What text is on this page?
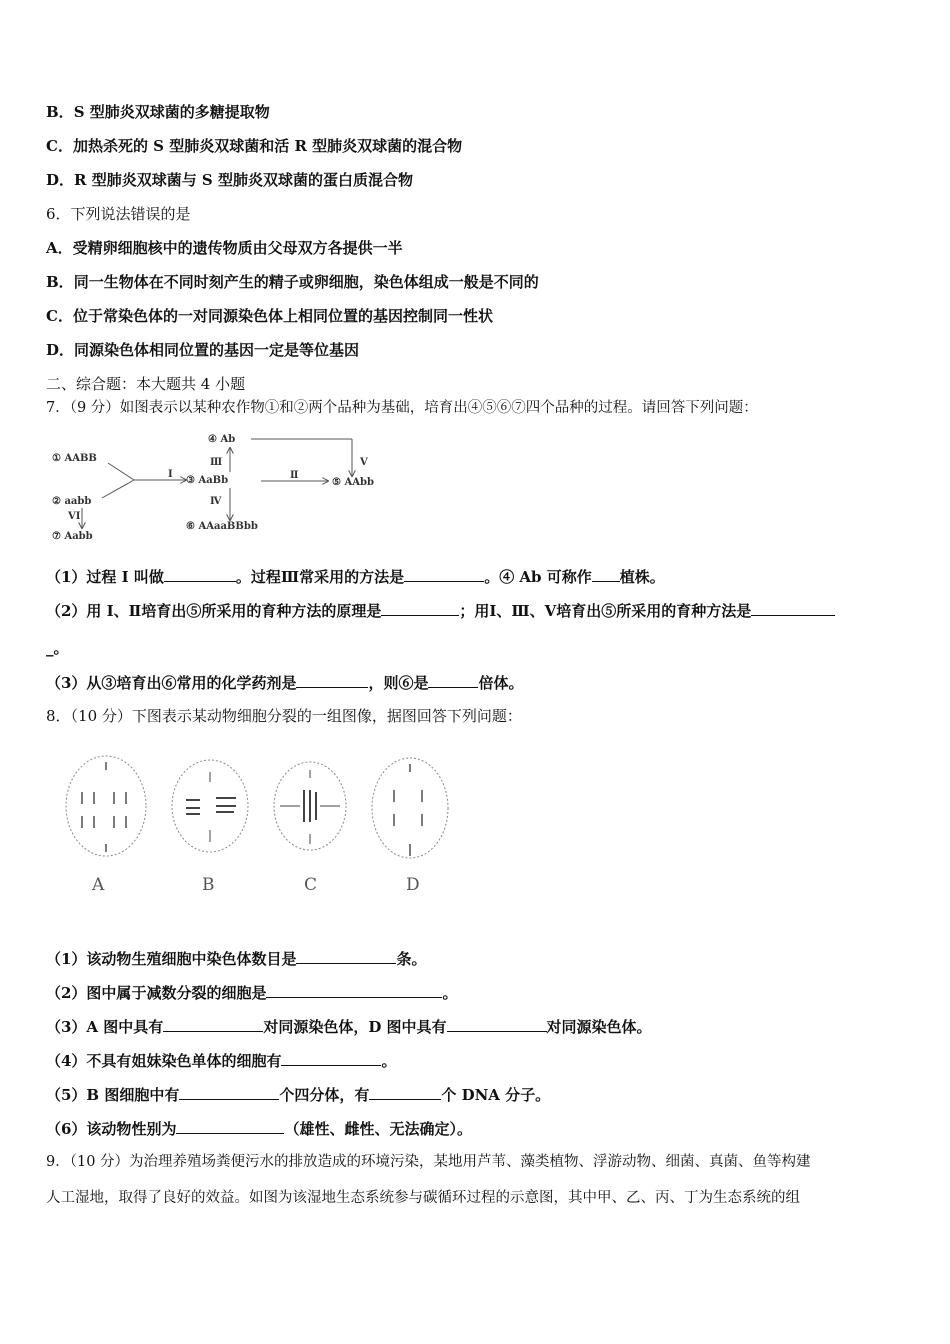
B．S 型肺炎双球菌的多糖提取物
C．加热杀死的 S 型肺炎双球菌和活 R 型肺炎双球菌的混合物
D．R 型肺炎双球菌与 S 型肺炎双球菌的蛋白质混合物
6．下列说法错误的是
A．受精卵细胞核中的遗传物质由父母双方各提供一半
B．同一生物体在不同时刻产生的精子或卵细胞，染色体组成一般是不同的
C．位于常染色体的一对同源染色体上相同位置的基因控制同一性状
D．同源染色体相同位置的基因一定是等位基因
二、综合题：本大题共 4 小题
7．（9 分）如图表示以某种农作物①和②两个品种为基础，培育出④⑤⑥⑦四个品种的过程。请回答下列问题：
① AABB
② aabb
③ AaBb
④ Ab
⑤ AAbb
⑥ AAaaBBbb
⑦ Aabb
I	Ⅱ
Ⅲ
Ⅳ
V
VI
（1）过程 I 叫做	。过程Ⅲ常采用的方法是	。④ Ab 可称作 植株。
（2）用 I、Ⅱ培育出⑤所采用的育种方法的原理是	；用Ⅰ、Ⅲ、Ⅴ培育出⑤所采用的育种方法是
_。
（3）从③培育出⑥常用的化学药剂是	，则⑥是	倍体。
8．（10 分）下图表示某动物细胞分裂的一组图像，据图回答下列问题：
A	B	C	D
（1）该动物生殖细胞中染色体数目是	条。
（2）图中属于减数分裂的细胞是	。
（3）A 图中具有	对同源染色体，D 图中具有	对同源染色体。
（4）不具有姐妹染色单体的细胞有	。
（5）B 图细胞中有	个四分体，有	个 DNA 分子。
（6）该动物性别为	（雄性、雌性、无法确定）。
9．（10 分）为治理养殖场粪便污水的排放造成的环境污染，某地用芦苇、藻类植物、浮游动物、细菌、真菌、鱼等构建
人工湿地，取得了良好的效益。如图为该湿地生态系统参与碳循环过程的示意图，其中甲、乙、丙、丁为生态系统的组
